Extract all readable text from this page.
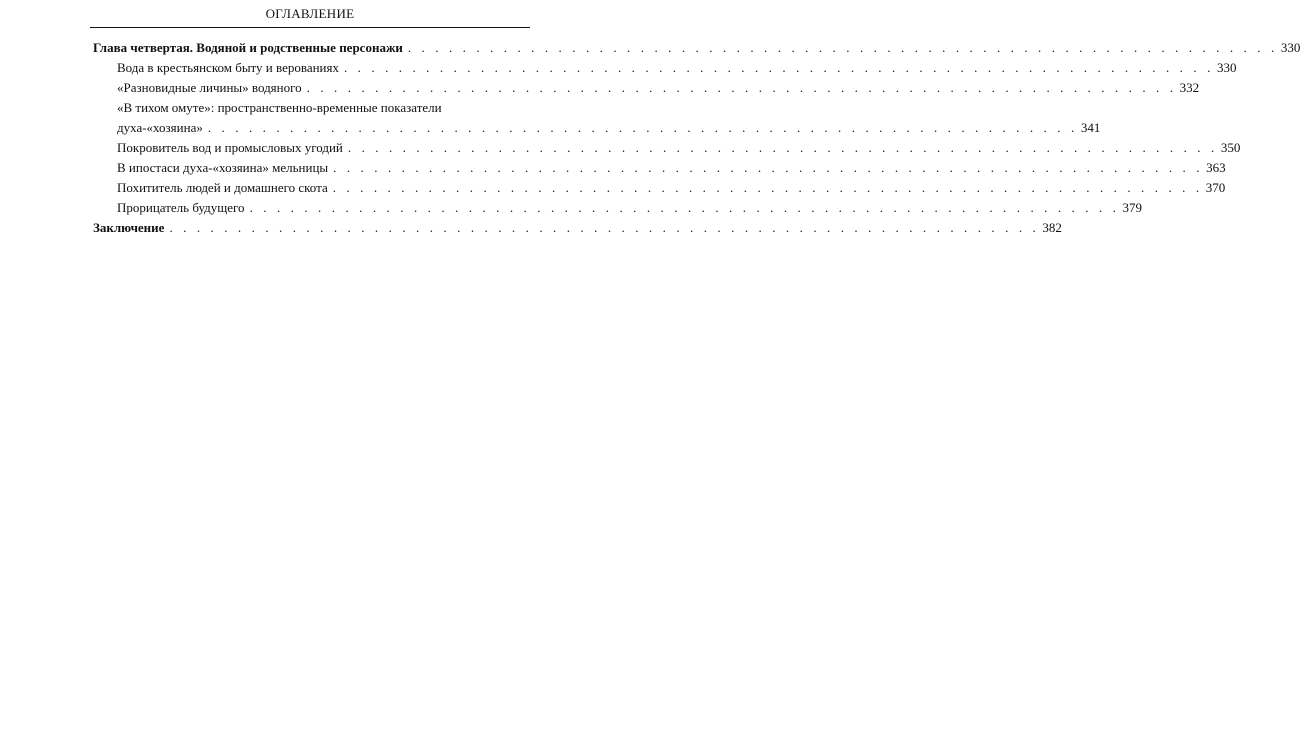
ОГЛАВЛЕНИЕ
Глава четвертая. Водяной и родственные персонажи . . . . . . . . . . . . . . . . . . . . . . . . . . . . . . . . . . . . . . . . . . . . . . . . . . . . . . . . . . . . . . . . 330
Вода в крестьянском быту и верованиях . . . . . . . . . . . . . . . . . . . . . . . . . . . . . . . . . . . . . . . . . . . . . . . . . . . . . . . . . . . . . . . . 330
«Разновидные личины» водяного . . . . . . . . . . . . . . . . . . . . . . . . . . . . . . . . . . . . . . . . . . . . . . . . . . . . . . . . . . . . . . . . 332
«В тихом омуте»: пространственно-временные показатели
духа-«хозяина» . . . . . . . . . . . . . . . . . . . . . . . . . . . . . . . . . . . . . . . . . . . . . . . . . . . . . . . . . . . . . . . . 341
Покровитель вод и промысловых угодий . . . . . . . . . . . . . . . . . . . . . . . . . . . . . . . . . . . . . . . . . . . . . . . . . . . . . . . . . . . . . . . . 350
В ипостаси духа-«хозяина» мельницы . . . . . . . . . . . . . . . . . . . . . . . . . . . . . . . . . . . . . . . . . . . . . . . . . . . . . . . . . . . . . . . . 363
Похититель людей и домашнего скота . . . . . . . . . . . . . . . . . . . . . . . . . . . . . . . . . . . . . . . . . . . . . . . . . . . . . . . . . . . . . . . . 370
Прорицатель будущего . . . . . . . . . . . . . . . . . . . . . . . . . . . . . . . . . . . . . . . . . . . . . . . . . . . . . . . . . . . . . . . . 379
Заключение . . . . . . . . . . . . . . . . . . . . . . . . . . . . . . . . . . . . . . . . . . . . . . . . . . . . . . . . . . . . . . . . 382
